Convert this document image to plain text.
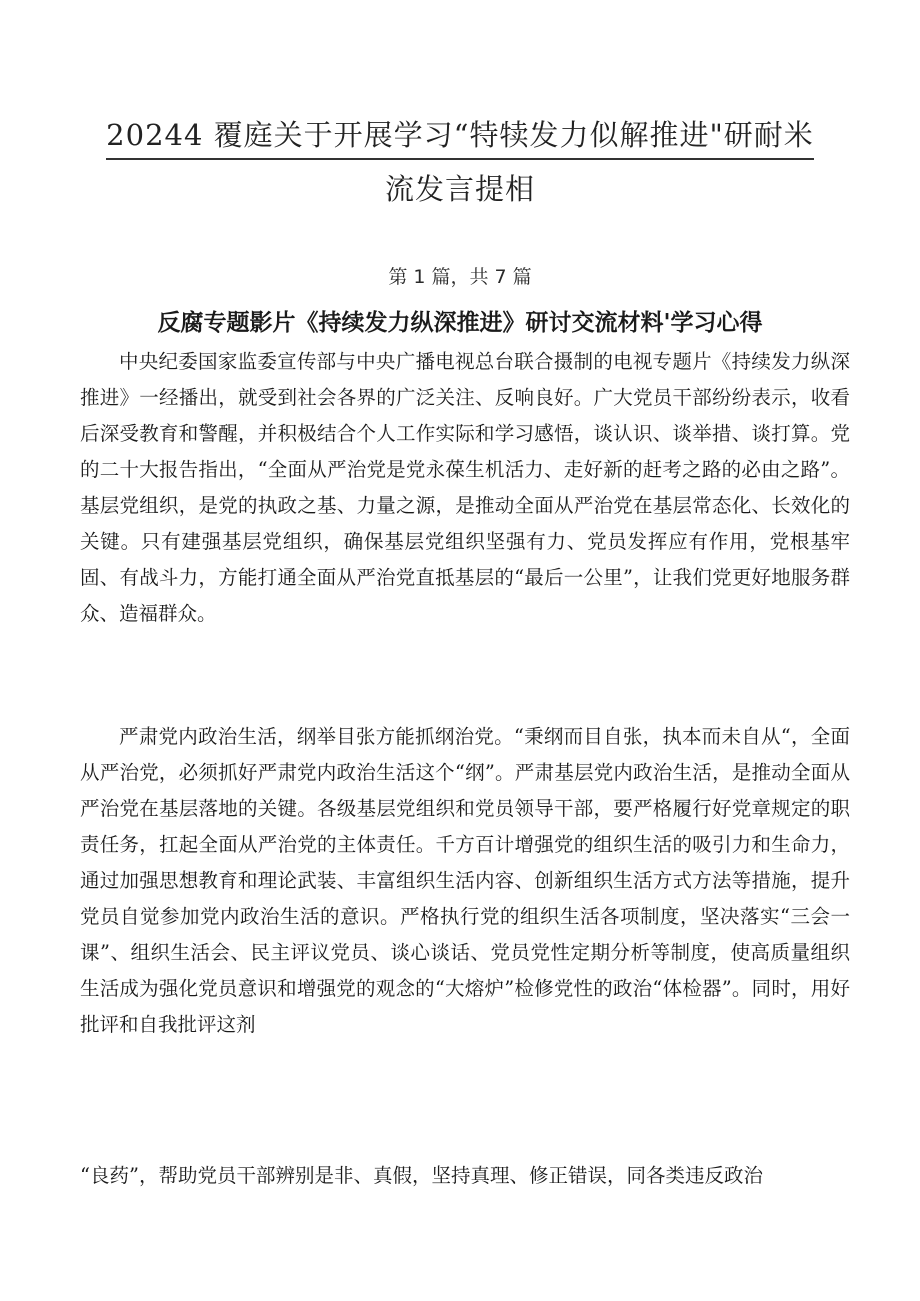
20244 覆庭关于开展学习“特犊发力似解推进"研耐米
流发言提相
第 1 篇，共 7 篇
反腐专题影片《持续发力纵深推进》研讨交流材料'学习心得

中央纪委国家监委宣传部与中央广播电视总台联合摄制的电视专题片《持续发力纵深推进》一经播出，就受到社会各界的广泛关注、反响良好。广大党员干部纷纷表示，收看后深受教育和警醒，并积极结合个人工作实际和学习感悟，谈认识、谈举措、谈打算。党的二十大报告指出，“全面从严治党是党永葆生机活力、走好新的赶考之路的必由之路”。基层党组织，是党的执政之基、力量之源，是推动全面从严治党在基层常态化、长效化的关键。只有建强基层党组织，确保基层党组织坚强有力、党员发挥应有作用，党根基牢固、有战斗力，方能打通全面从严治党直抵基层的“最后一公里”，让我们党更好地服务群众、造福群众。

严肃党内政治生活，纲举目张方能抓纲治党。“秉纲而目自张，执本而未自从“，全面从严治党，必须抓好严肃党内政治生活这个“纲”。严肃基层党内政治生活，是推动全面从严治党在基层落地的关键。各级基层党组织和党员领导干部，要严格履行好党章规定的职责任务，扛起全面从严治党的主体责任。千方百计增强党的组织生活的吸引力和生命力，通过加强思想教育和理论武装、丰富组织生活内容、创新组织生活方式方法等措施，提升党员自觉参加党内政治生活的意识。严格执行党的组织生活各项制度，坚决落实“三会一课”、组织生活会、民主评议党员、谈心谈话、党员党性定期分析等制度，使高质量组织生活成为强化党员意识和增强党的观念的“大熔炉”检修党性的政治“体检器”。同时，用好批评和自我批评这剂

“良药”，帮助党员干部辨别是非、真假，坚持真理、修正错误，同各类违反政治
